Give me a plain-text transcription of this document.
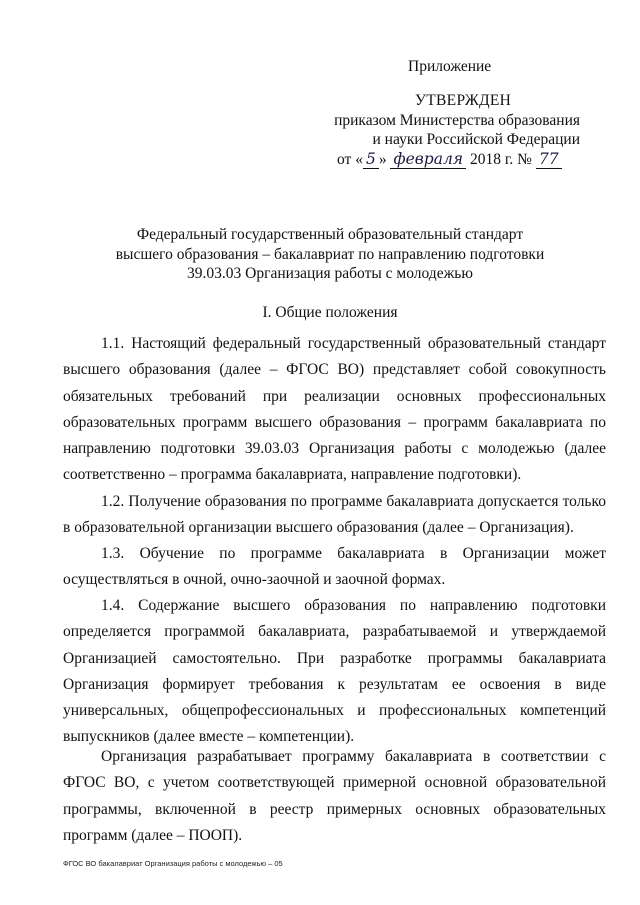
Приложение
УТВЕРЖДЕН
приказом Министерства образования
и науки Российской Федерации
от « 5 » февраля 2018 г. № 77
Федеральный государственный образовательный стандарт
высшего образования – бакалавриат по направлению подготовки
39.03.03 Организация работы с молодежью
I. Общие положения
1.1. Настоящий федеральный государственный образовательный стандарт высшего образования (далее – ФГОС ВО) представляет собой совокупность обязательных требований при реализации основных профессиональных образовательных программ высшего образования – программ бакалавриата по направлению подготовки 39.03.03 Организация работы с молодежью (далее соответственно – программа бакалавриата, направление подготовки).
1.2. Получение образования по программе бакалавриата допускается только в образовательной организации высшего образования (далее – Организация).
1.3. Обучение по программе бакалавриата в Организации может осуществляться в очной, очно-заочной и заочной формах.
1.4. Содержание высшего образования по направлению подготовки определяется программой бакалавриата, разрабатываемой и утверждаемой Организацией самостоятельно. При разработке программы бакалавриата Организация формирует требования к результатам ее освоения в виде универсальных, общепрофессиональных и профессиональных компетенций выпускников (далее вместе – компетенции).
Организация разрабатывает программу бакалавриата в соответствии с ФГОС ВО, с учетом соответствующей примерной основной образовательной программы, включенной в реестр примерных основных образовательных программ (далее – ПООП).
ФГОС ВО бакалавриат Организация работы с молодежью – 05
